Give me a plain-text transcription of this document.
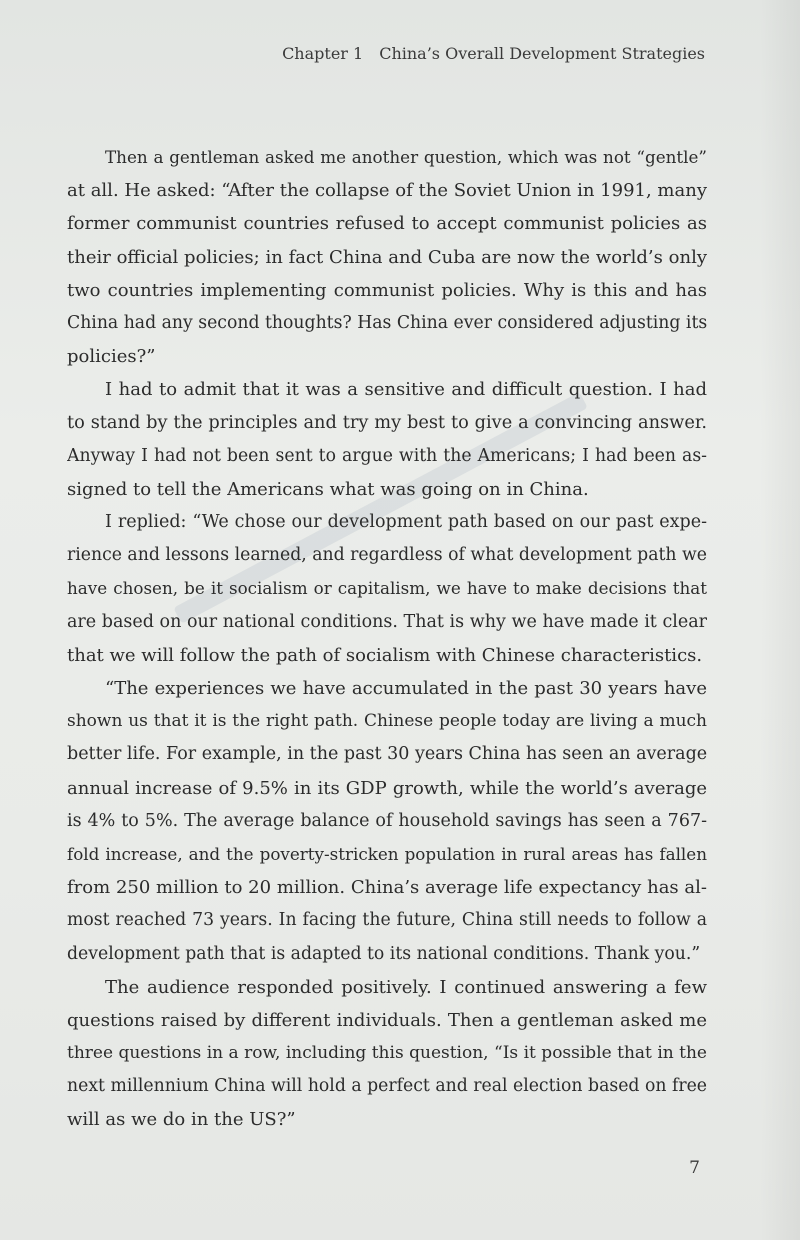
Chapter 1 China’s Overall Development Strategies
Then a gentleman asked me another question, which was not “gentle”
at all. He asked: “After the collapse of the Soviet Union in 1991, many
former communist countries refused to accept communist policies as
their official policies; in fact China and Cuba are now the world’s only
two countries implementing communist policies. Why is this and has
China had any second thoughts? Has China ever considered adjusting its
policies?”
I had to admit that it was a sensitive and difficult question. I had
to stand by the principles and try my best to give a convincing answer.
Anyway I had not been sent to argue with the Americans; I had been as-
signed to tell the Americans what was going on in China.
I replied: “We chose our development path based on our past expe-
rience and lessons learned, and regardless of what development path we
have chosen, be it socialism or capitalism, we have to make decisions that
are based on our national conditions. That is why we have made it clear
that we will follow the path of socialism with Chinese characteristics.
“The experiences we have accumulated in the past 30 years have
shown us that it is the right path. Chinese people today are living a much
better life. For example, in the past 30 years China has seen an average
annual increase of 9.5% in its GDP growth, while the world’s average
is 4% to 5%. The average balance of household savings has seen a 767-
fold increase, and the poverty-stricken population in rural areas has fallen
from 250 million to 20 million. China’s average life expectancy has al-
most reached 73 years. In facing the future, China still needs to follow a
development path that is adapted to its national conditions. Thank you.”
The audience responded positively. I continued answering a few
questions raised by different individuals. Then a gentleman asked me
three questions in a row, including this question, “Is it possible that in the
next millennium China will hold a perfect and real election based on free
will as we do in the US?”
7
